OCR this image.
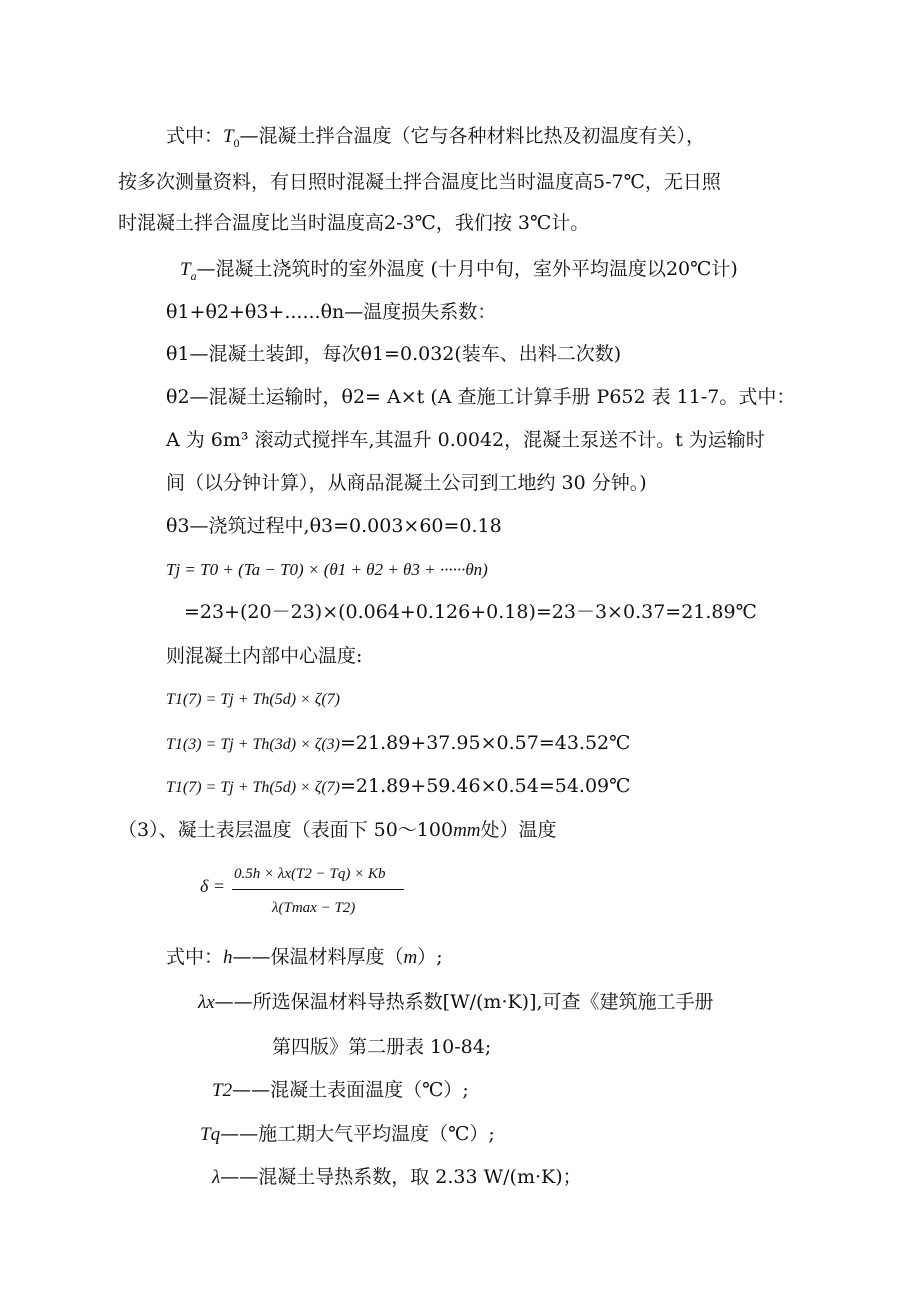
式中：$T_0—$混凝土拌合温度（它与各种材料比热及初温度有关），
按多次测量资料，有日照时混凝土拌合温度比当时温度高5-7℃，无日照
时混凝土拌合温度比当时温度高2-3℃，我们按 3℃计。
$T_a—$混凝土浇筑时的室外温度 (十月中旬，室外平均温度以20℃计)
θ1+θ2+θ3+......θn—温度损失系数：
θ1—混凝土装卸，每次θ1=0.032(装车、出料二次数)
θ2—混凝土运输时，θ2= A×t (A 查施工计算手册 P652 表 11-7。式中：
A 为 6m³ 滚动式搅拌车,其温升 0.0042，混凝土泵送不计。t 为运输时
间（以分钟计算），从商品混凝土公司到工地约 30 分钟。)
θ3—浇筑过程中,θ3=0.003×60=0.18
Tj = T0 + (Ta − T0) × (θ1 + θ2 + θ3 + ······θn)
=23+(20－23)×(0.064+0.126+0.18)=23－3×0.37=21.89℃
则混凝土内部中心温度:
T1(7) = Tj + Th(5d) × ζ(7)
T1(3) = Tj + Th(3d) × ζ(3)=21.89+37.95×0.57=43.52℃
T1(7) = Tj + Th(5d) × ζ(7)=21.89+59.46×0.54=54.09℃
（3）、凝土表层温度（表面下 50～100mm处）温度
δ =
0.5h × λx(T2 − Tq) × Kb
λ(Tmax − T2)
式中：h——保温材料厚度（m）;
λx——所选保温材料导热系数[W/(m·K)],可查《建筑施工手册
第四版》第二册表 10-84;
T2——混凝土表面温度（℃）;
Tq——施工期大气平均温度（℃）;
λ——混凝土导热系数，取 2.33 W/(m·K)；
